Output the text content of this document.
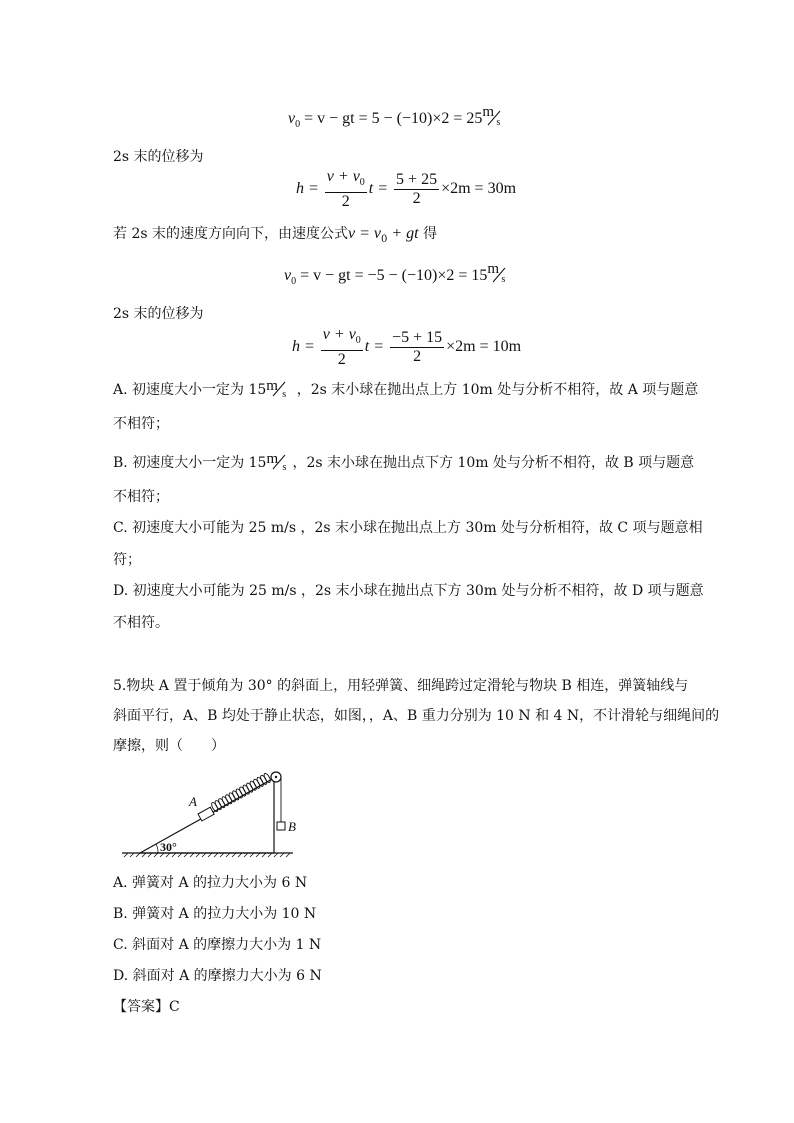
$v_0 = v$ − gt = 5 − (−10)×2 = 25 m
s
2s 末的位移为
$h = \frac{v + v_0}{2}$ $t = \frac{5 + 25}{2} \times 2m = 30m$
若 2s 末的速度方向向下，由速度公式$v = v_0$ + gt 得
$v_0 = v$ − gt = −5 − (−10)×2 = 15 m
s
2s 末的位移为
$h = \frac{v + v_0}{2}$ $t = \frac{-5 + 15}{2} \times 2m = 10m$
A. 初速度大小一定为 15 m
s ，2s 末小球在抛出点上方 10m 处与分析不相符，故 A 项与题意
不相符；
B. 初速度大小一定为 15 m
s ，2s 末小球在抛出点下方 10m 处与分析不相符，故 B 项与题意
不相符；
C. 初速度大小可能为 25 m/s ，2s 末小球在抛出点上方 30m 处与分析相符，故 C 项与题意相
符；
D. 初速度大小可能为 25 m/s ，2s 末小球在抛出点下方 30m 处与分析不相符，故 D 项与题意
不相符。
5.物块 A 置于倾角为 30° 的斜面上，用轻弹簧、细绳跨过定滑轮与物块 B 相连，弹簧轴线与
斜面平行，A、B 均处于静止状态，如图，，A、B 重力分别为 10 N 和 4 N，不计滑轮与细绳间的
摩擦，则（　　）
30°
A
B
A. 弹簧对 A 的拉力大小为 6 N
B. 弹簧对 A 的拉力大小为 10 N
C. 斜面对 A 的摩擦力大小为 1 N
D. 斜面对 A 的摩擦力大小为 6 N
【答案】C
